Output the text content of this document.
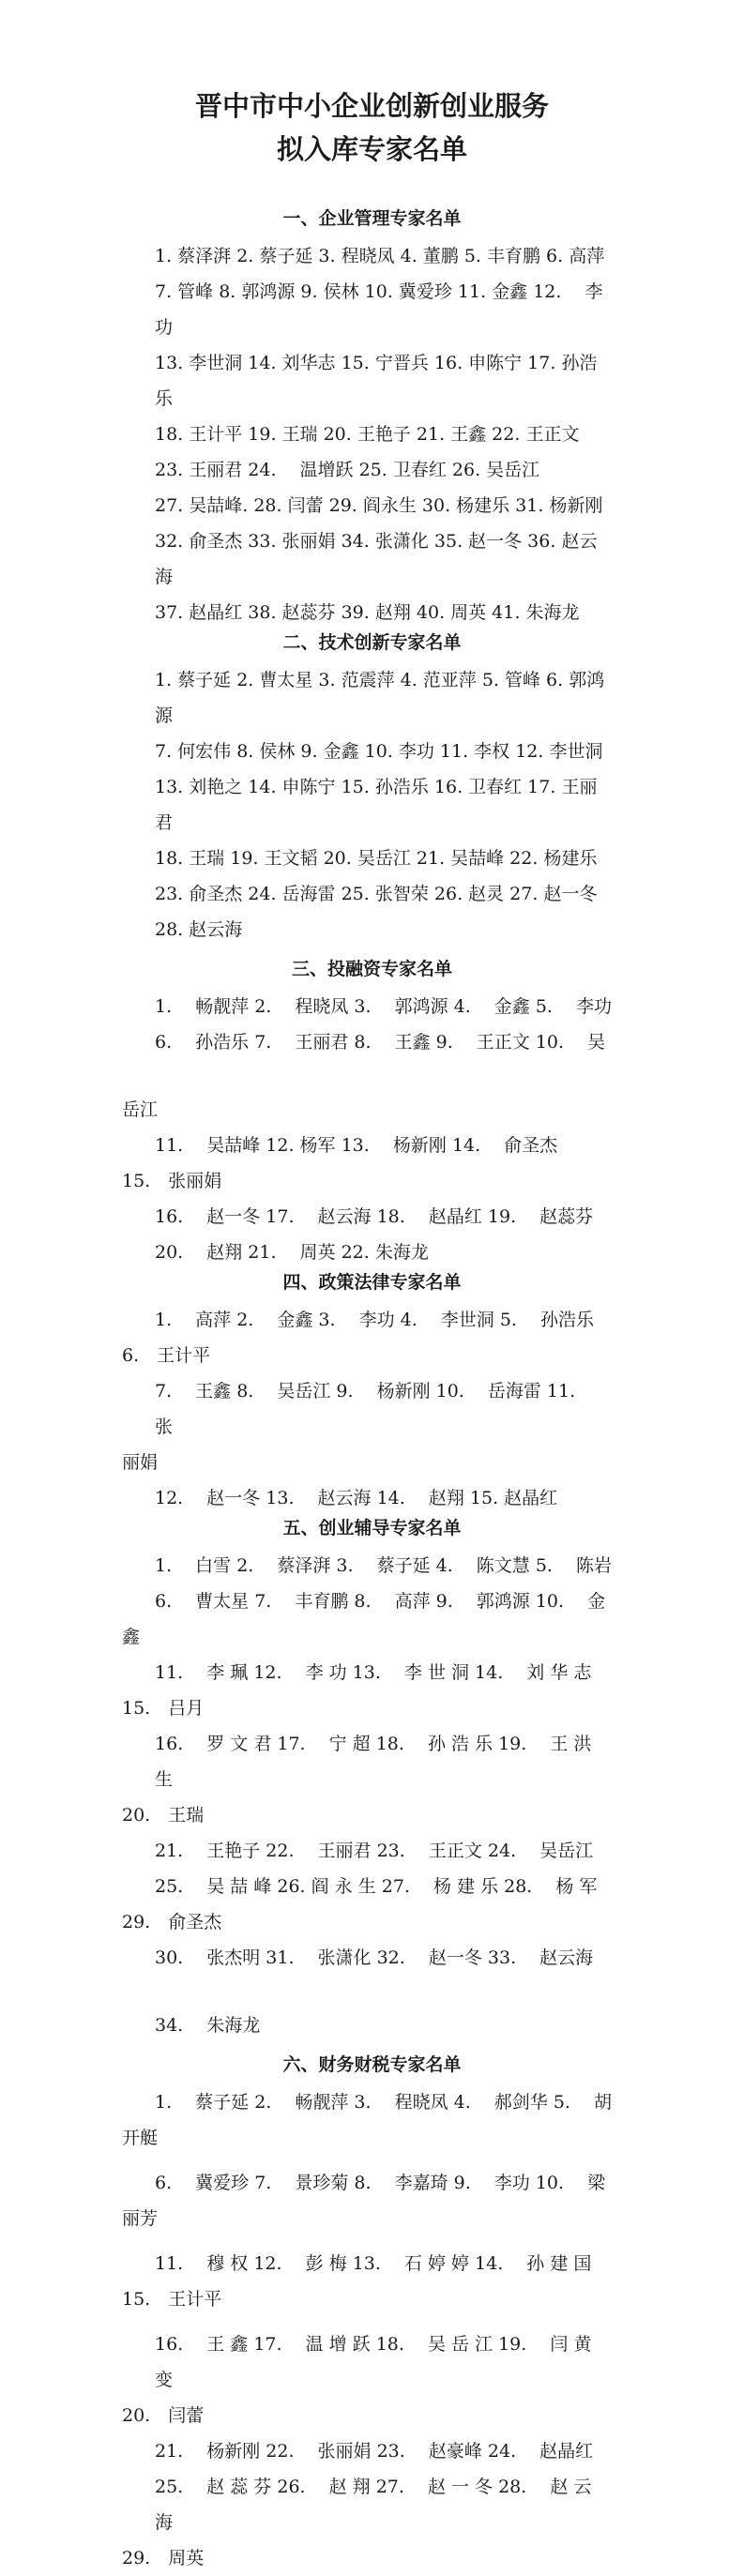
晋中市中小企业创新创业服务
拟入库专家名单
一、企业管理专家名单

1. 蔡泽湃 2. 蔡子延 3. 程晓凤 4. 董鹏 5. 丰育鹏 6. 高萍

7. 管峰 8. 郭鸿源 9. 侯林 10. 冀爱珍 11. 金鑫 12.　 李功

13. 李世洞 14. 刘华志 15. 宁晋兵 16. 申陈宁 17. 孙浩乐

18. 王计平 19. 王瑞 20. 王艳子 21. 王鑫 22. 王正文

23. 王丽君 24.　 温增跃 25. 卫春红 26. 吴岳江

27. 吴喆峰. 28. 闫蕾 29. 阎永生 30. 杨建乐 31. 杨新刚

32. 俞圣杰 33. 张丽娟 34. 张潇化 35. 赵一冬 36. 赵云海

37. 赵晶红 38. 赵蕊芬 39. 赵翔 40. 周英 41. 朱海龙

二、技术创新专家名单

1. 蔡子延 2. 曹太星 3. 范震萍 4. 范亚萍 5. 管峰 6. 郭鸿源

7. 何宏伟 8. 侯林 9. 金鑫 10. 李功 11. 李权 12. 李世洞

13. 刘艳之 14. 申陈宁 15. 孙浩乐 16. 卫春红 17. 王丽君

18. 王瑞 19. 王文韬 20. 吴岳江 21. 吴喆峰 22. 杨建乐

23. 俞圣杰 24. 岳海雷 25. 张智荣 26. 赵灵 27. 赵一冬

28. 赵云海

三、投融资专家名单

1.　 畅靓萍 2.　 程晓凤 3.　 郭鸿源 4.　 金鑫 5.　 李功

6.　 孙浩乐 7.　 王丽君 8.　 王鑫 9.　 王正文 10.　 吴

岳江

11.　 吴喆峰 12. 杨军 13.　 杨新刚 14.　 俞圣杰

15.　张丽娟

16.　 赵一冬 17.　 赵云海 18.　 赵晶红 19.　 赵蕊芬

20.　 赵翔 21.　 周英 22. 朱海龙

四、政策法律专家名单

1.　 高萍 2.　 金鑫 3.　 李功 4.　 李世洞 5.　 孙浩乐

6.　王计平

7.　 王鑫 8.　 吴岳江 9.　 杨新刚 10.　 岳海雷 11.　 张

丽娟

12.　 赵一冬 13.　 赵云海 14.　 赵翔 15. 赵晶红

五、创业辅导专家名单

1.　 白雪 2.　 蔡泽湃 3.　 蔡子延 4.　 陈文慧 5.　 陈岩

6.　 曹太星 7.　 丰育鹏 8.　 高萍 9.　 郭鸿源 10.　 金

鑫

11.　 李 珮 12.　 李 功 13.　 李 世 洞 14.　 刘 华 志

15.　吕月

16.　 罗 文 君 17.　 宁 超 18.　 孙 浩 乐 19.　 王 洪 生

20.　王瑞

21.　 王艳子 22.　 王丽君 23.　 王正文 24.　 吴岳江

25.　 吴 喆 峰 26. 阎 永 生 27.　 杨 建 乐 28.　 杨 军

29.　俞圣杰

30.　 张杰明 31.　 张潇化 32.　 赵一冬 33.　 赵云海

34.　 朱海龙

六、财务财税专家名单

1.　 蔡子延 2.　 畅靓萍 3.　 程晓凤 4.　 郝剑华 5.　 胡

开艇

6.　 冀爱珍 7.　 景珍菊 8.　 李嘉琦 9.　 李功 10.　 梁

丽芳

11.　 穆 权 12.　 彭 梅 13.　 石 婷 婷 14.　 孙 建 国

15.　王计平

16.　 王 鑫 17.　 温 增 跃 18.　 吴 岳 江 19.　 闫 黄 变

20.　闫蕾

21.　 杨新刚 22.　 张丽娟 23.　 赵豪峰 24.　 赵晶红

25.　 赵 蕊 芬 26.　 赵 翔 27.　 赵 一 冬 28.　 赵 云 海

29.　周英
